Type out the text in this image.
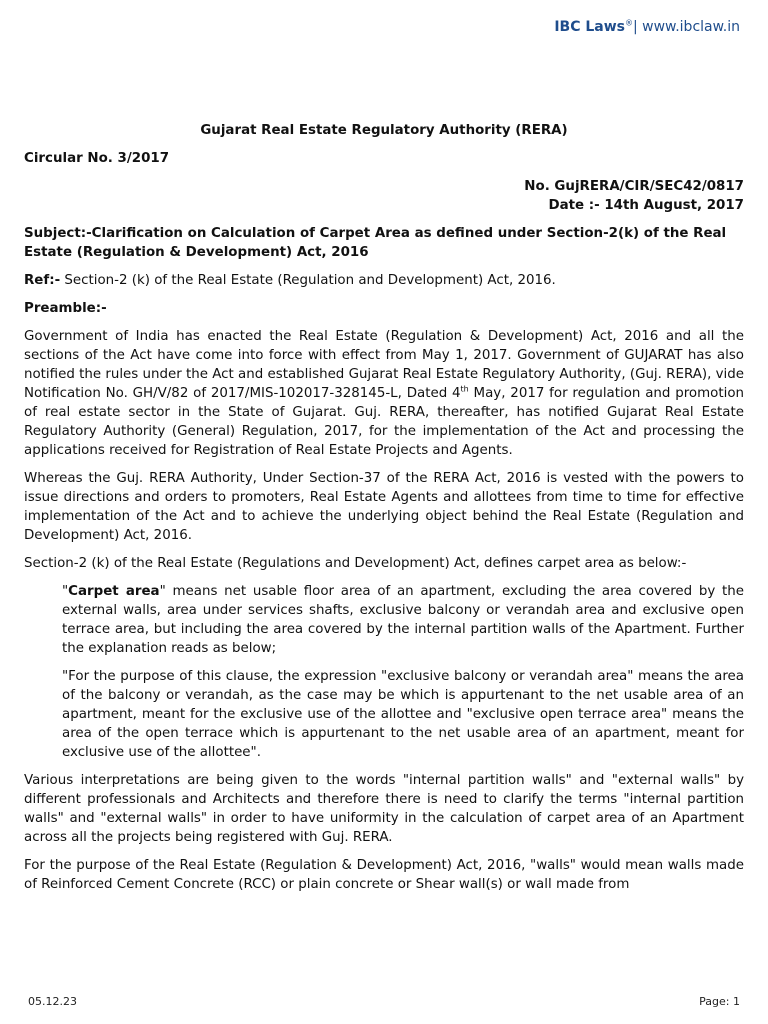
IBC Laws®| www.ibclaw.in
Gujarat Real Estate Regulatory Authority (RERA)

Circular No. 3/2017

No. GujRERA/CIR/SEC42/0817

Date :- 14th August, 2017

Subject:-Clarification on Calculation of Carpet Area as defined under Section-2(k) of the Real Estate (Regulation & Development) Act, 2016

Ref:- Section-2 (k) of the Real Estate (Regulation and Development) Act, 2016.

Preamble:-

Government of India has enacted the Real Estate (Regulation & Development) Act, 2016 and all the sections of the Act have come into force with effect from May 1, 2017. Government of GUJARAT has also notified the rules under the Act and established Gujarat Real Estate Regulatory Authority, (Guj. RERA), vide Notification No. GH/V/82 of 2017/MIS-102017-328145-L, Dated 4th May, 2017 for regulation and promotion of real estate sector in the State of Gujarat. Guj. RERA, thereafter, has notified Gujarat Real Estate Regulatory Authority (General) Regulation, 2017, for the implementation of the Act and processing the applications received for Registration of Real Estate Projects and Agents.

Whereas the Guj. RERA Authority, Under Section-37 of the RERA Act, 2016 is vested with the powers to issue directions and orders to promoters, Real Estate Agents and allottees from time to time for effective implementation of the Act and to achieve the underlying object behind the Real Estate (Regulation and Development) Act, 2016.

Section-2 (k) of the Real Estate (Regulations and Development) Act, defines carpet area as below:-

"Carpet area" means net usable floor area of an apartment, excluding the area covered by the external walls, area under services shafts, exclusive balcony or verandah area and exclusive open terrace area, but including the area covered by the internal partition walls of the Apartment. Further the explanation reads as below;

"For the purpose of this clause, the expression "exclusive balcony or verandah area" means the area of the balcony or verandah, as the case may be which is appurtenant to the net usable area of an apartment, meant for the exclusive use of the allottee and "exclusive open terrace area" means the area of the open terrace which is appurtenant to the net usable area of an apartment, meant for exclusive use of the allottee".

Various interpretations are being given to the words "internal partition walls" and "external walls" by different professionals and Architects and therefore there is need to clarify the terms "internal partition walls" and "external walls" in order to have uniformity in the calculation of carpet area of an Apartment across all the projects being registered with Guj. RERA.

For the purpose of the Real Estate (Regulation & Development) Act, 2016, "walls" would mean walls made of Reinforced Cement Concrete (RCC) or plain concrete or Shear wall(s) or wall made from

05.12.23	Page: 1
